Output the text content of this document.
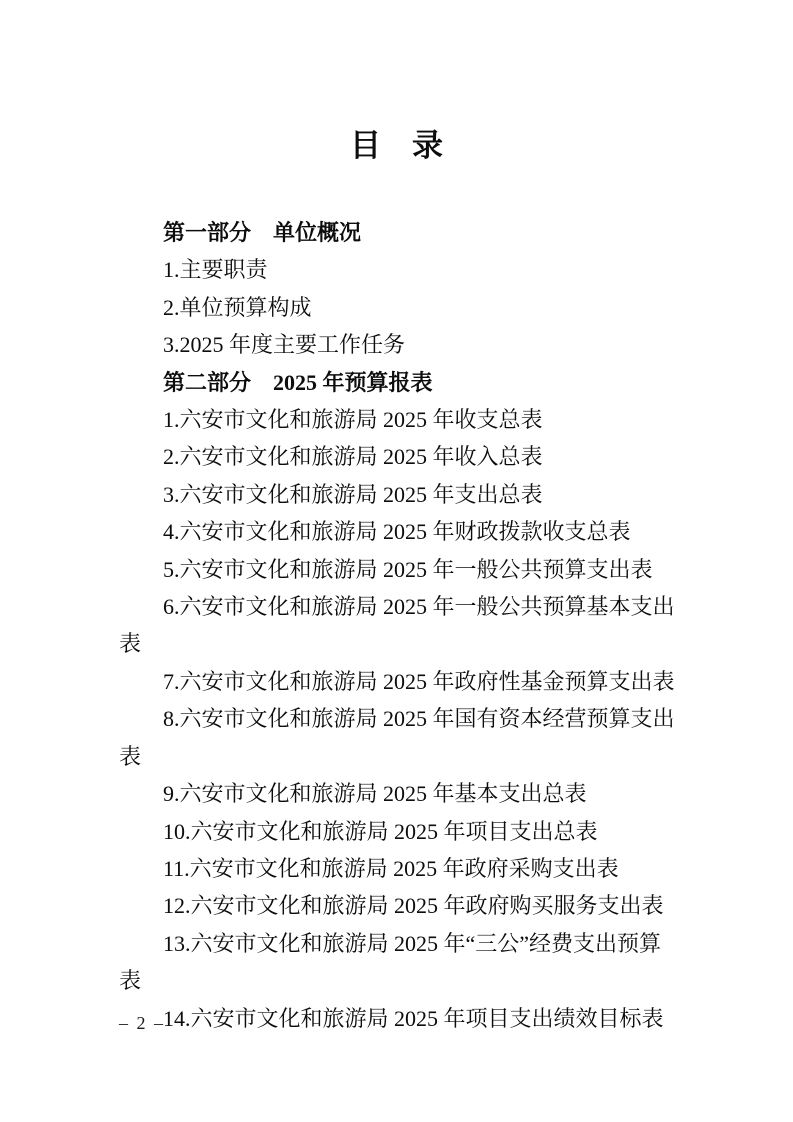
目　录

第一部分　单位概况

1.主要职责

2.单位预算构成

3.2025 年度主要工作任务

第二部分　2025 年预算报表

1.六安市文化和旅游局 2025 年收支总表

2.六安市文化和旅游局 2025 年收入总表

3.六安市文化和旅游局 2025 年支出总表

4.六安市文化和旅游局 2025 年财政拨款收支总表

5.六安市文化和旅游局 2025 年一般公共预算支出表

6.六安市文化和旅游局 2025 年一般公共预算基本支出表

7.六安市文化和旅游局 2025 年政府性基金预算支出表

8.六安市文化和旅游局 2025 年国有资本经营预算支出表

9.六安市文化和旅游局 2025 年基本支出总表

10.六安市文化和旅游局 2025 年项目支出总表

11.六安市文化和旅游局 2025 年政府采购支出表

12.六安市文化和旅游局 2025 年政府购买服务支出表

13.六安市文化和旅游局 2025 年“三公”经费支出预算表

14.六安市文化和旅游局 2025 年项目支出绩效目标表

– 2 –
